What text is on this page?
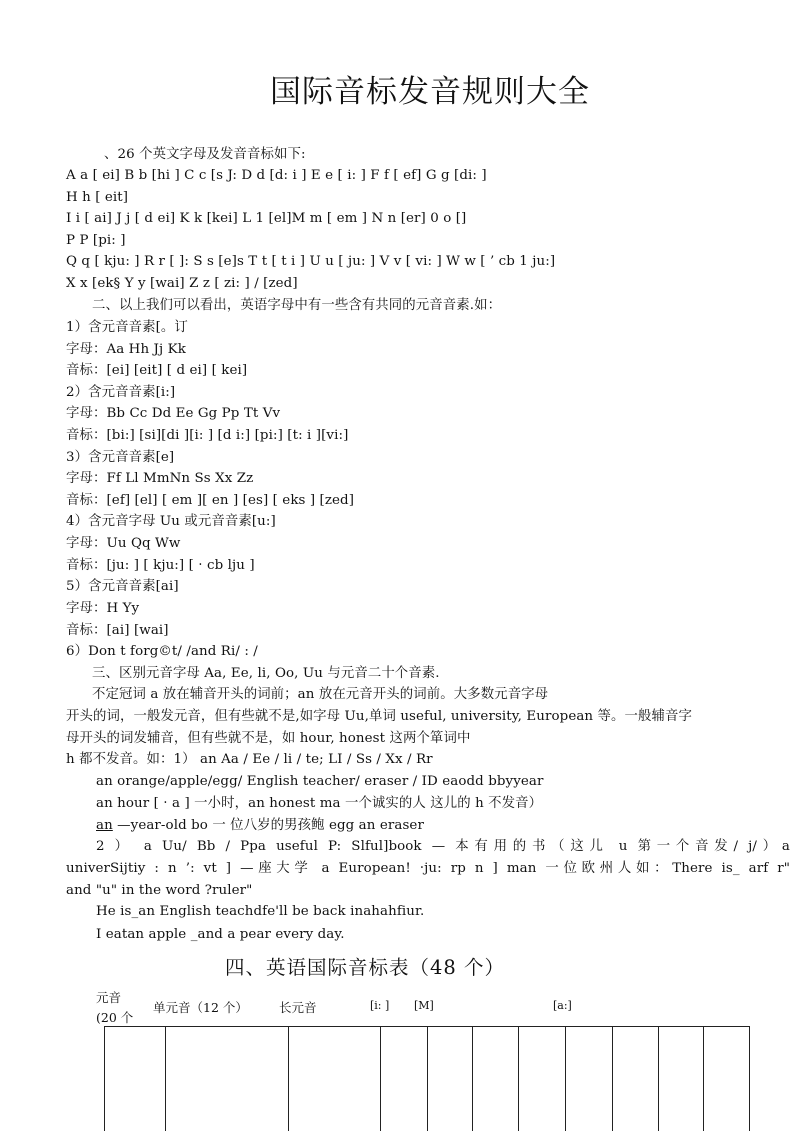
国际音标发音规则大全
、26 个英文字母及发音音标如下:
A a [ ei] B b [hi ] C c [s J: D d [d: i ] E e [ i: ] F f [ ef] G g [di: ]
H h [ eit]
I i [ ai] J j [ d ei] K k [kei] L 1 [el]M m [ em ] N n [er] 0 o []
P P [pi: ]
Q q [ kju: ] R r [ ]: S s [e]s T t [ t i ] U u [ ju: ] V v [ vi: ] W w [ ’ cb 1 ju:]
X x [ek§ Y y [wai] Z z [ zi: ] / [zed]
二、以上我们可以看出，英语字母中有一些含有共同的元音音素.如：
1）含元音音素[。订
字母：Aa Hh Jj Kk
音标：[ei] [eit] [ d ei] [ kei]
2）含元音音素[i:]
字母：Bb Cc Dd Ee Gg Pp Tt Vv
音标：[bi:] [si][di ][i: ] [d i:] [pi:] [t: i ][vi:]
3）含元音音素[e]
字母：Ff Ll MmNn Ss Xx Zz
音标：[ef] [el] [ em ][ en ] [es] [ eks ] [zed]
4）含元音字母 Uu 或元音音素[u:]
字母：Uu Qq Ww
音标：[ju: ] [ kju:] [ ‧ cb lju ]
5）含元音音素[ai]
字母：H Yy
音标：[ai] [wai]
6）Don t forg©t/ /and Ri/ : /
三、区别元音字母 Aa, Ee, li, Oo, Uu 与元音二十个音素.
不定冠词 a 放在辅音开头的词前；an 放在元音开头的词前。大多数元音字母
开头的词，一般发元音，但有些就不是,如字母 Uu,单词 useful, university, European 等。一般辅音字
母开头的词发辅音，但有些就不是，如 hour, honest 这两个箪词中
h 都不发音。如：1） an Aa / Ee / li / te; LI / Ss / Xx / Rr
an orange/apple/egg/ English teacher/ eraser / ID eaodd bbyyear
an hour [ ‧ a ] 一小时，an honest ma 一个诚实的人 这儿的 h 不发音）
an —year-old bo 一 位八岁的男孩鲍 egg an eraser
2 ） a Uu/ Bb / Ppa useful P: Slful]book — 本有用的书（这儿 u 第一个音发/ j/）a
univerSijtiy : n ’: vt ] —座大学 a European! ‧ju: rp n ] man 一位欧州人如：There is_ arf r"
and "u" in the word ?ruler"
He is_an English teachdfe'll be back inahahfiur.
I eatan apple _and a pear every day.
四、英语国际音标表（48 个）
元音
(20 个
单元音（12 个） 长元音	[i: ] [M]	[a:]
